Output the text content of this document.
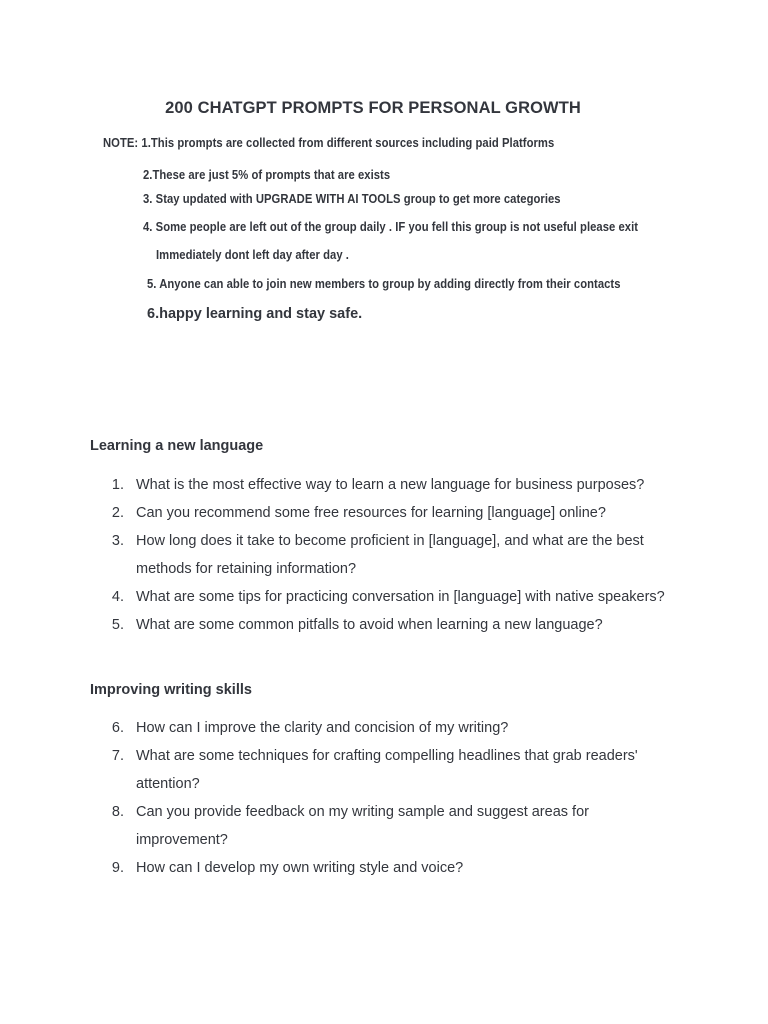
200 CHATGPT PROMPTS FOR PERSONAL GROWTH
NOTE: 1.This prompts are collected from different sources including paid Platforms
2.These are just 5% of prompts that are exists
3. Stay updated with UPGRADE WITH AI TOOLS group to get more categories
4. Some people are left out of the group daily . IF you fell this group is not useful please exit
Immediately dont left day after day .
5. Anyone can able to join new members to group by adding directly from their contacts
6.happy learning and stay safe.
Learning a new language
1. What is the most effective way to learn a new language for business purposes?
2. Can you recommend some free resources for learning [language] online?
3. How long does it take to become proficient in [language], and what are the best methods for retaining information?
4. What are some tips for practicing conversation in [language] with native speakers?
5. What are some common pitfalls to avoid when learning a new language?
Improving writing skills
6. How can I improve the clarity and concision of my writing?
7. What are some techniques for crafting compelling headlines that grab readers' attention?
8. Can you provide feedback on my writing sample and suggest areas for improvement?
9. How can I develop my own writing style and voice?
